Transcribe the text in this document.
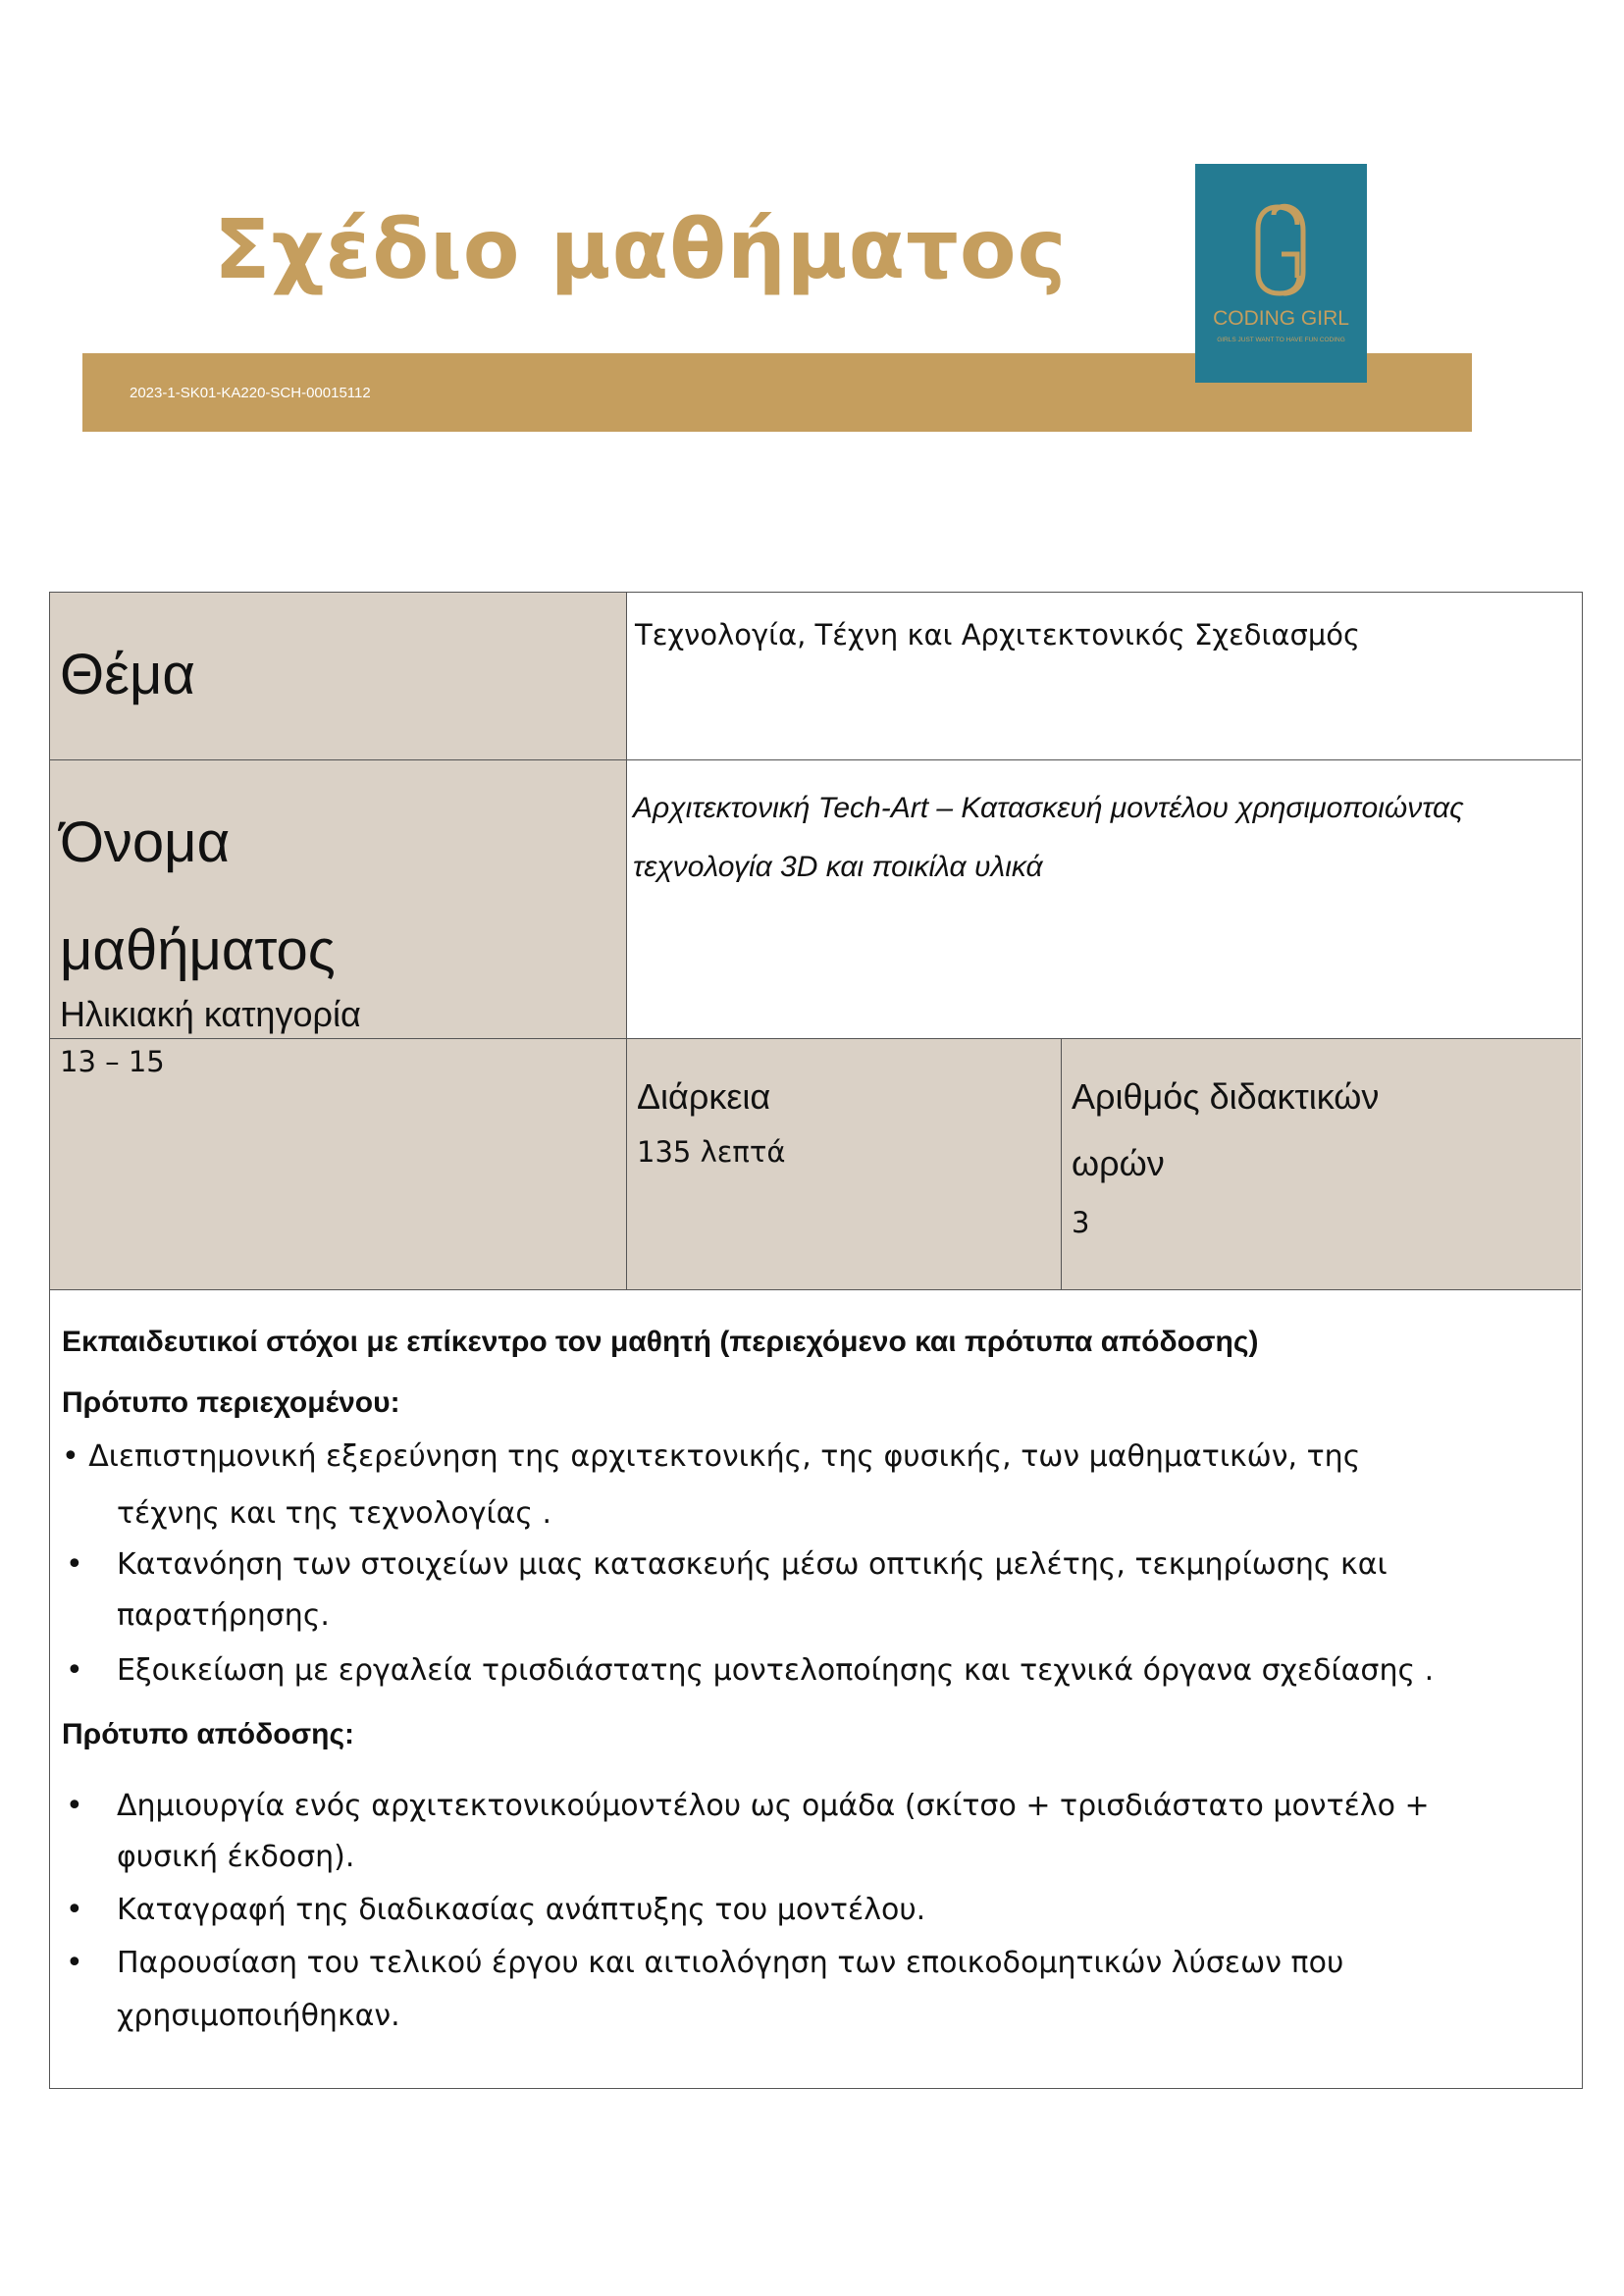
Σχέδιο μαθήματος
2023-1-SK01-KA220-SCH-00015112
CODING GIRL
GIRLS JUST WANT TO HAVE FUN CODING
Θέμα
Τεχνολογία, Τέχνη και Αρχιτεκτονικός Σχεδιασμός
Όνομα
μαθήματος
Ηλικιακή κατηγορία
Αρχιτεκτονική Tech-Art – Κατασκευή μοντέλου χρησιμοποιώντας
τεχνολογία 3D και ποικίλα υλικά
13 – 15
Διάρκεια
135 λεπτά
Αριθμός διδακτικών
ωρών
3
Εκπαιδευτικοί στόχοι με επίκεντρο τον μαθητή (περιεχόμενο και πρότυπα απόδοσης)
Πρότυπο περιεχομένου:
• Διεπιστημονική εξερεύνηση της αρχιτεκτονικής, της φυσικής, των μαθηματικών, της
τέχνης και της τεχνολογίας .
• Κατανόηση των στοιχείων μιας κατασκευής μέσω οπτικής μελέτης, τεκμηρίωσης και
παρατήρησης.
• Εξοικείωση με εργαλεία τρισδιάστατης μοντελοποίησης και τεχνικά όργανα σχεδίασης .
Πρότυπο απόδοσης:
• Δημιουργία ενός αρχιτεκτονικούμοντέλου ως ομάδα (σκίτσο + τρισδιάστατο μοντέλο +
φυσική έκδοση).
• Καταγραφή της διαδικασίας ανάπτυξης του μοντέλου.
• Παρουσίαση του τελικού έργου και αιτιολόγηση των εποικοδομητικών λύσεων που
χρησιμοποιήθηκαν.
